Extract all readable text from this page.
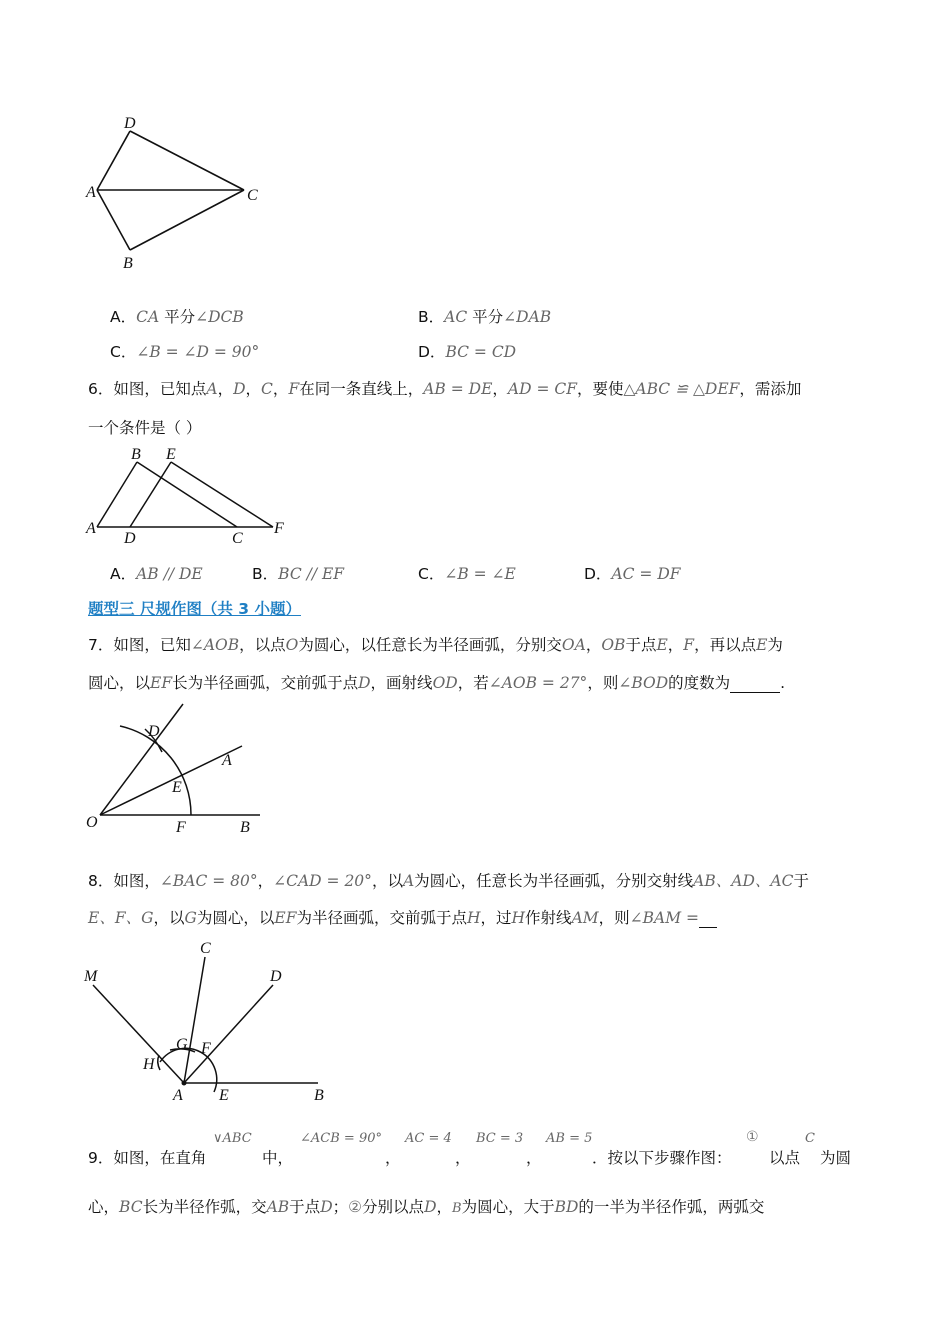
D
A	C
B
A．CA 平分∠DCB	B．AC 平分∠DAB
C．∠B = ∠D = 90°	D．BC = CD
6．如图，已知点A，D，C，F在同一条直线上，AB = DE，AD = CF，要使△ABC ≌ △DEF，需添加
一个条件是（ ）
B E
A
D	C
F
A．AB // DE	B．BC // EF	C．∠B = ∠E	D．AC = DF
题型三 尺规作图（共 3 小题）
7．如图，已知∠AOB，以点O为圆心，以任意长为半径画弧，分别交OA，OB于点E，F，再以点E为
圆心，以EF长为半径画弧，交前弧于点D，画射线OD，若∠AOB = 27°，则∠BOD的度数为	.
D
A
E
O	F	B
8．如图，∠BAC = 80°，∠CAD = 20°，以A为圆心，任意长为半径画弧，分别交射线AB、AD、AC于
E、F、G，以G为圆心，以EF为半径画弧，交前弧于点H，过H作射线AM，则∠BAM =
C
M	D
G F
H
A E	B
9．如图，在直角
∨ABC
中，
∠ACB = 90°
，
AC = 4
，
BC = 3
，
AB = 5
．按以下步骤作图：
①	C
以点 为圆
心，BC长为半径作弧，交AB于点D；②分别以点D，B为圆心，大于BD的一半为半径作弧，两弧交
